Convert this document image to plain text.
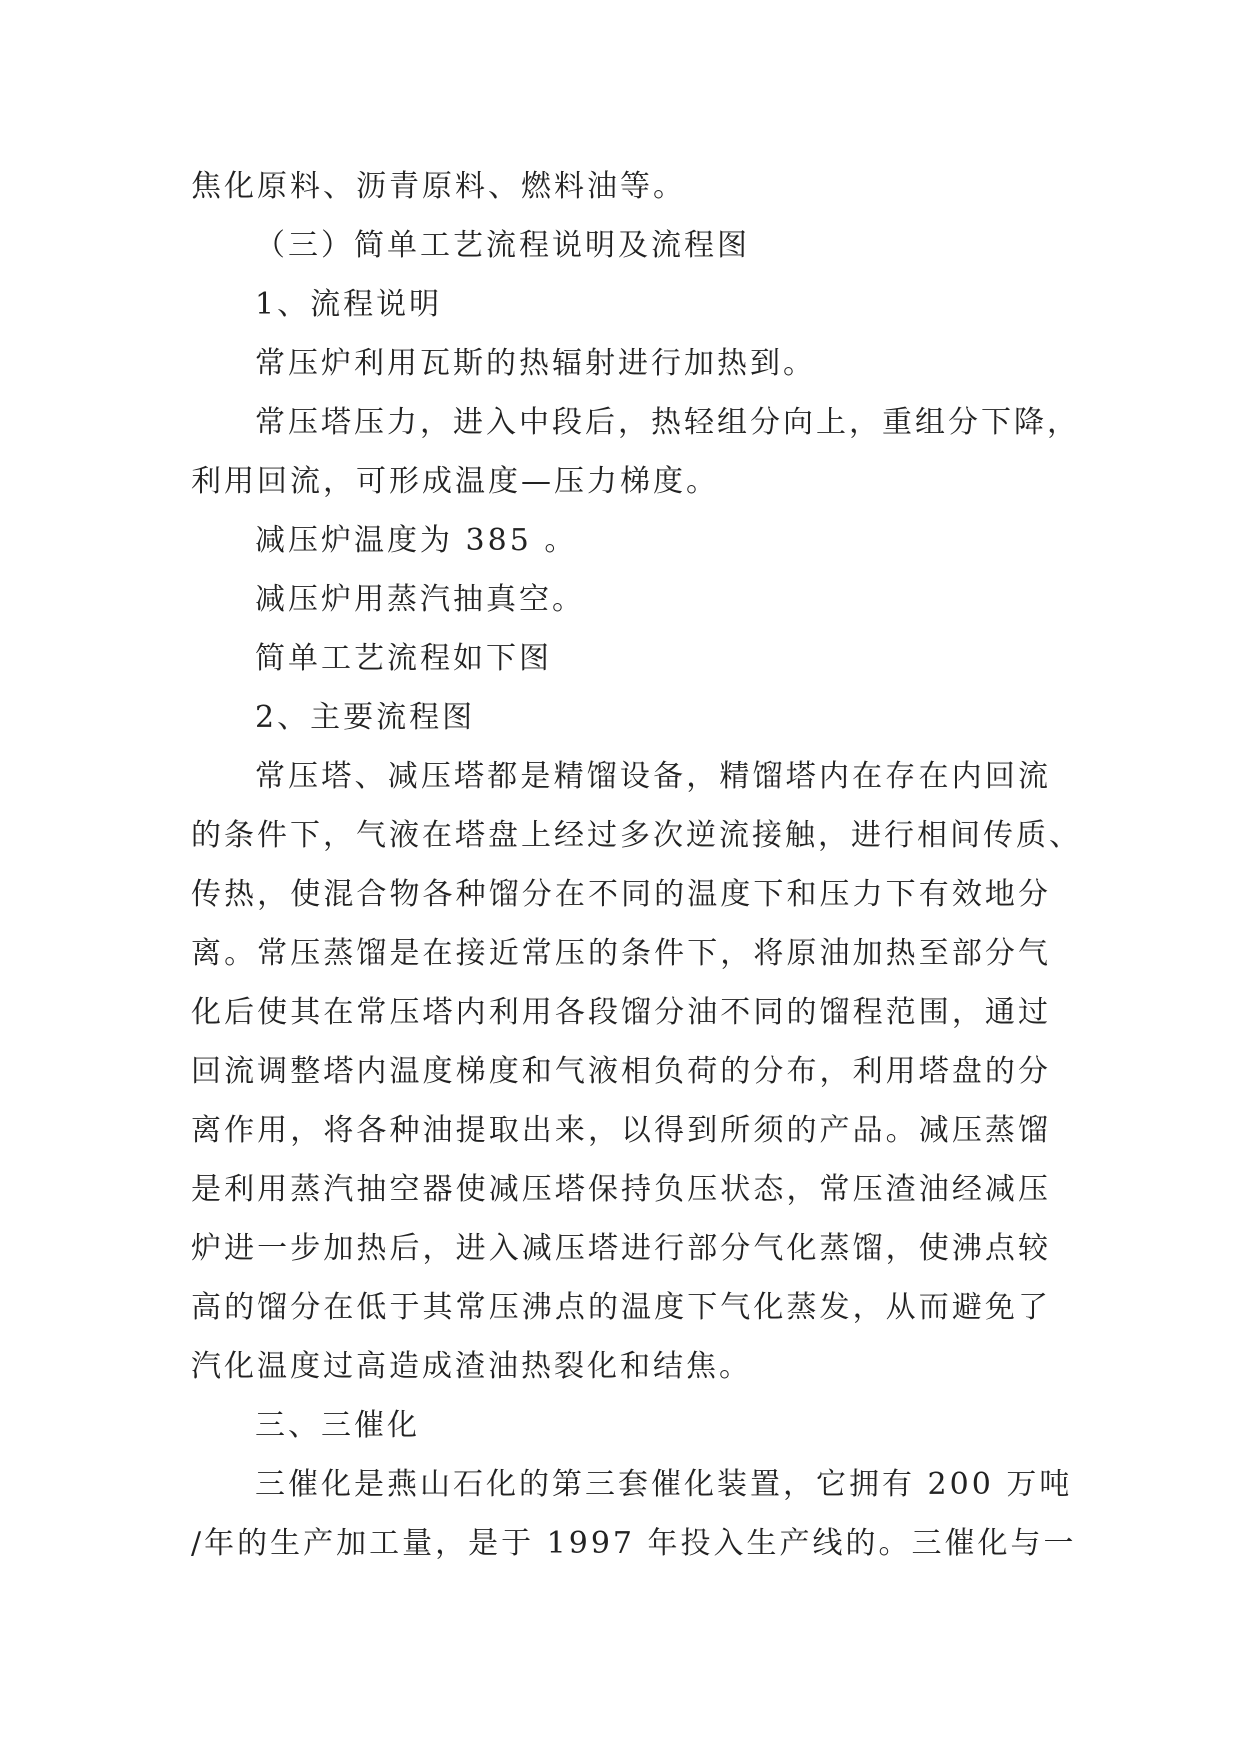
焦化原料、沥青原料、燃料油等。
（三）简单工艺流程说明及流程图
1、流程说明
常压炉利用瓦斯的热辐射进行加热到。
常压塔压力，进入中段后，热轻组分向上，重组分下降，
利用回流，可形成温度—压力梯度。
减压炉温度为 385 。
减压炉用蒸汽抽真空。
简单工艺流程如下图
2、主要流程图
常压塔、减压塔都是精馏设备，精馏塔内在存在内回流
的条件下，气液在塔盘上经过多次逆流接触，进行相间传质、
传热，使混合物各种馏分在不同的温度下和压力下有效地分
离。常压蒸馏是在接近常压的条件下，将原油加热至部分气
化后使其在常压塔内利用各段馏分油不同的馏程范围，通过
回流调整塔内温度梯度和气液相负荷的分布，利用塔盘的分
离作用，将各种油提取出来，以得到所须的产品。减压蒸馏
是利用蒸汽抽空器使减压塔保持负压状态，常压渣油经减压
炉进一步加热后，进入减压塔进行部分气化蒸馏，使沸点较
高的馏分在低于其常压沸点的温度下气化蒸发，从而避免了
汽化温度过高造成渣油热裂化和结焦。
三、三催化
三催化是燕山石化的第三套催化装置，它拥有 200 万吨
/年的生产加工量，是于 1997 年投入生产线的。三催化与一
